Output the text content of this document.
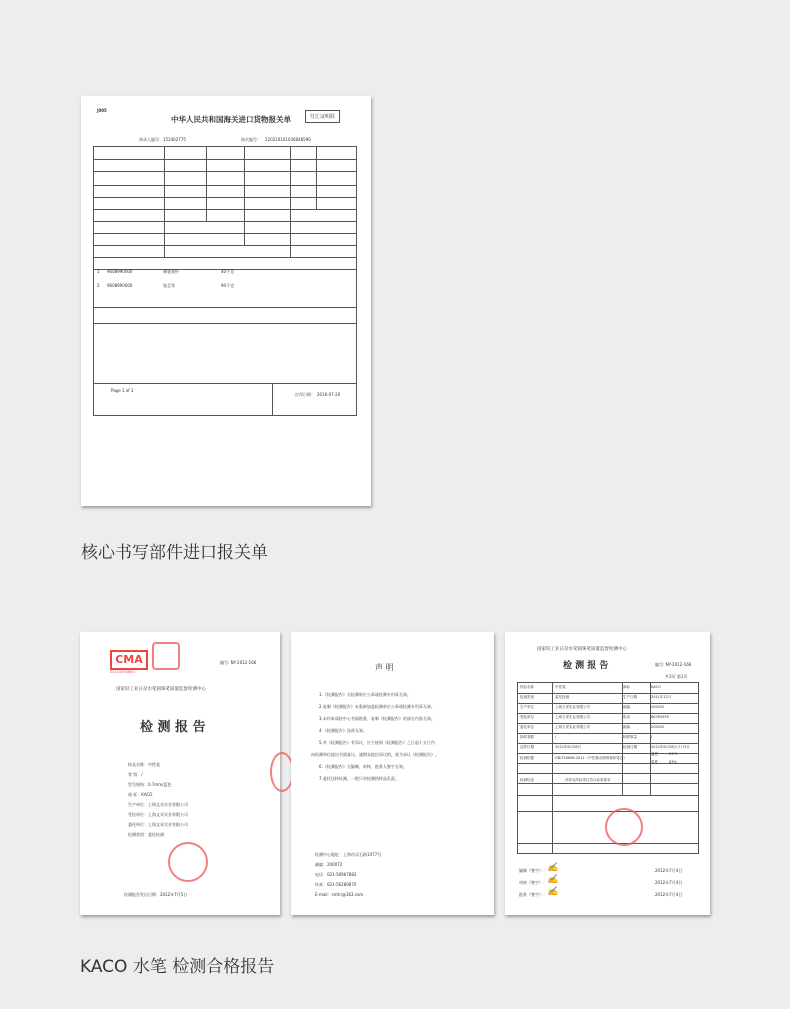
J005
中华人民共和国海关进口货物报关单	付汇证明联
预录入编号： 152402775	海关编号： 220220161036848590
1 9608990000	制笔笔杆	40千克
2 9608990000	笔芯等	90千克
Page 1 of 3
打印日期： 2016-07-20
核心书写部件进口报关单
CMA
2011003463U
编号: NY-2012-166
国家轻工业日杂水笔圆珠笔质量监督检测中心
检 测 报 告
样品名称：中性笔
等 级：/
型号规格：0.7mm/蓝色
商 标：KACO
生产单位：上海文采实业有限公司
受检单位：上海文采实业有限公司
委托单位：上海文采实业有限公司
检测类别：委托检测
检测报告发出日期：2012年7月5日
声 明
1.《检测报告》无检测单位公章或检测专用章无效。
2.复制《检测报告》未重新加盖检测单位公章或检测专用章无效。
3.未经本质检中心书面批准，复制《检测报告》的部分内容无效。
4.《检测报告》涂改无效。
5.对《检测报告》有异议，应于接到《检测报告》之日起十五日内
向检测单位提出书面复议。逾期未提出异议的，视为承认《检测报告》。
6.《检测报告》无编制、审核、批准人签字无效。
7.委托送样检测，一般只对检测的样品负责。
检测中心地址：上海市灵石路1477号
邮编：200072
电话：021-56967882
传真：021-56280870
E-mail：smtri@163.com
国家轻工业日杂水笔圆珠笔质量监督检测中心
检 测 报 告	编号: NY-2012-166
共3页 第1页
样品名称	中性笔	商标	KACO
检测类别	委托检测	生产日期	2011年12月
生产单位	上海文采实业有限公司	邮编	200032
受检单位	上海文采实业有限公司	电话	66765555
委托单位	上海文采实业有限公司	邮编	200032
抽样基数	/	抽样数量	/
送样日期	2012年6月28日	检测日期	2012年6月28日-7月3日
检测依据	GB/T26698-2011《中性墨水圆珠笔和笔芯》
温度	21℃
检测结论	该样品所检项目符合标准要求
湿度	63%
编制（签字）： ✍	2012年7月4日
审核（签字）： ✍	2012年7月4日
批准（签字）： ✍	2012年7月4日
KACO 水笔 检测合格报告
